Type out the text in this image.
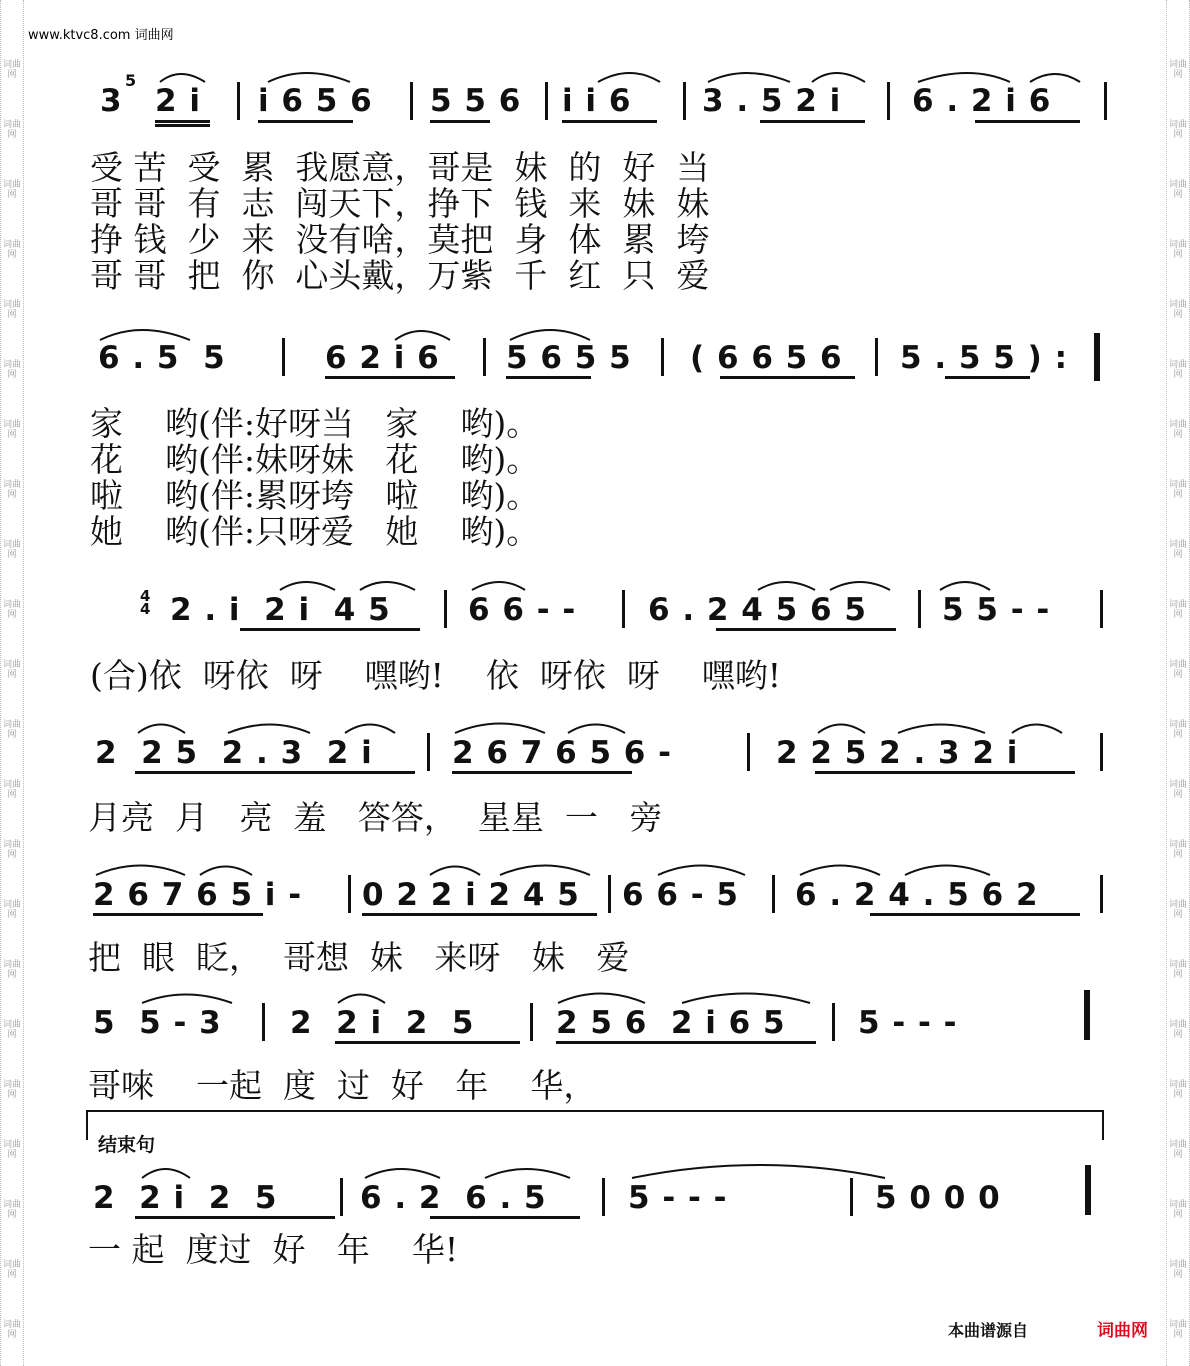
词曲网
词曲网
词曲网
词曲网
词曲网
词曲网
词曲网
词曲网
词曲网
词曲网
词曲网
词曲网
词曲网
词曲网
词曲网
词曲网
词曲网
词曲网
词曲网
词曲网
词曲网
词曲网
词曲网
词曲网
词曲网
词曲网
词曲网
词曲网
词曲网
词曲网
词曲网
词曲网
词曲网
词曲网
词曲网
词曲网
词曲网
词曲网
词曲网
词曲网
词曲网
词曲网
词曲网
词曲网
www.ktvc8.com 词曲网
3
5
2 i i 6 5 6 5 5 6 i i 6 3 . 5 2 i 6 . 2 i 6
受 苦  受  累  我愿意，哥是  妹  的  好  当
哥 哥  有  志  闯天下，挣下  钱  来  妹  妹
挣 钱  少  来  没有啥，莫把  身  体  累  垮
哥 哥  把  你  心头戴，万紫  千  红  只  爱
6 . 5  5	6 2 i 6 5 6 5 5 ( 6 6 5 6 5 . 5 5 ) :
家    哟(伴:好呀当   家    哟)。
花    哟(伴:妹呀妹   花    哟)。
啦    哟(伴:累呀垮   啦    哟)。
她    哟(伴:只呀爱   她    哟)。
4
4 2 . i  2 i  4 5 6 6 - - 6 . 2 4 5 6 5 5 5 - -
(合)依  呀依  呀    嘿哟!    依  呀依  呀    嘿哟!
2  2 5  2 . 3  2 i	2 6 7 6 5 6 -	2 2 5 2 . 3 2 i
月亮  月   亮  羞   答答，  星星  一   旁
2 6 7 6 5 i - 0 2 2 i 2 4 5 6 6 - 5 6 . 2 4 . 5 6 2
把  眼  眨，  哥想  妹   来呀   妹   爱
5  5 - 3 2  2 i  2  5	2 5 6  2 i 6 5 5 - - -
哥唻    一起  度  过  好   年    华，
结束句
2  2 i  2  5	6 . 2  6 . 5	5 - - -	5 0 0 0
一 起  度过  好   年    华!
本曲谱源自	词曲网
